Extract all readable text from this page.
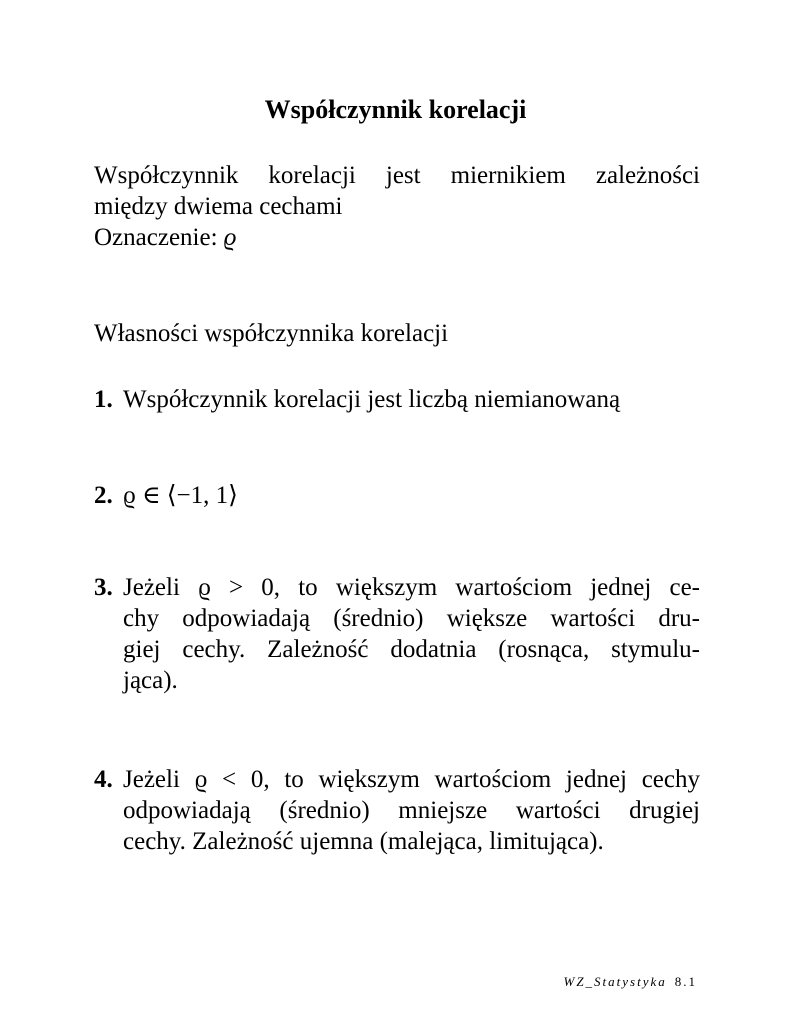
Współczynnik korelacji
Współczynnik korelacji jest miernikiem zależności
między dwiema cechami
Oznaczenie: ϱ
Własności współczynnika korelacji
1. Współczynnik korelacji jest liczbą niemianowaną
2. ϱ ∈ ⟨−1, 1⟩
3. Jeżeli ϱ > 0, to większym wartościom jednej ce-
chy odpowiadają (średnio) większe wartości dru-
giej cechy. Zależność dodatnia (rosnąca, stymulu-
jąca).
4. Jeżeli ϱ < 0, to większym wartościom jednej cechy
odpowiadają (średnio) mniejsze wartości drugiej
cechy. Zależność ujemna (malejąca, limitująca).
WZ_Statystyka 8.1
